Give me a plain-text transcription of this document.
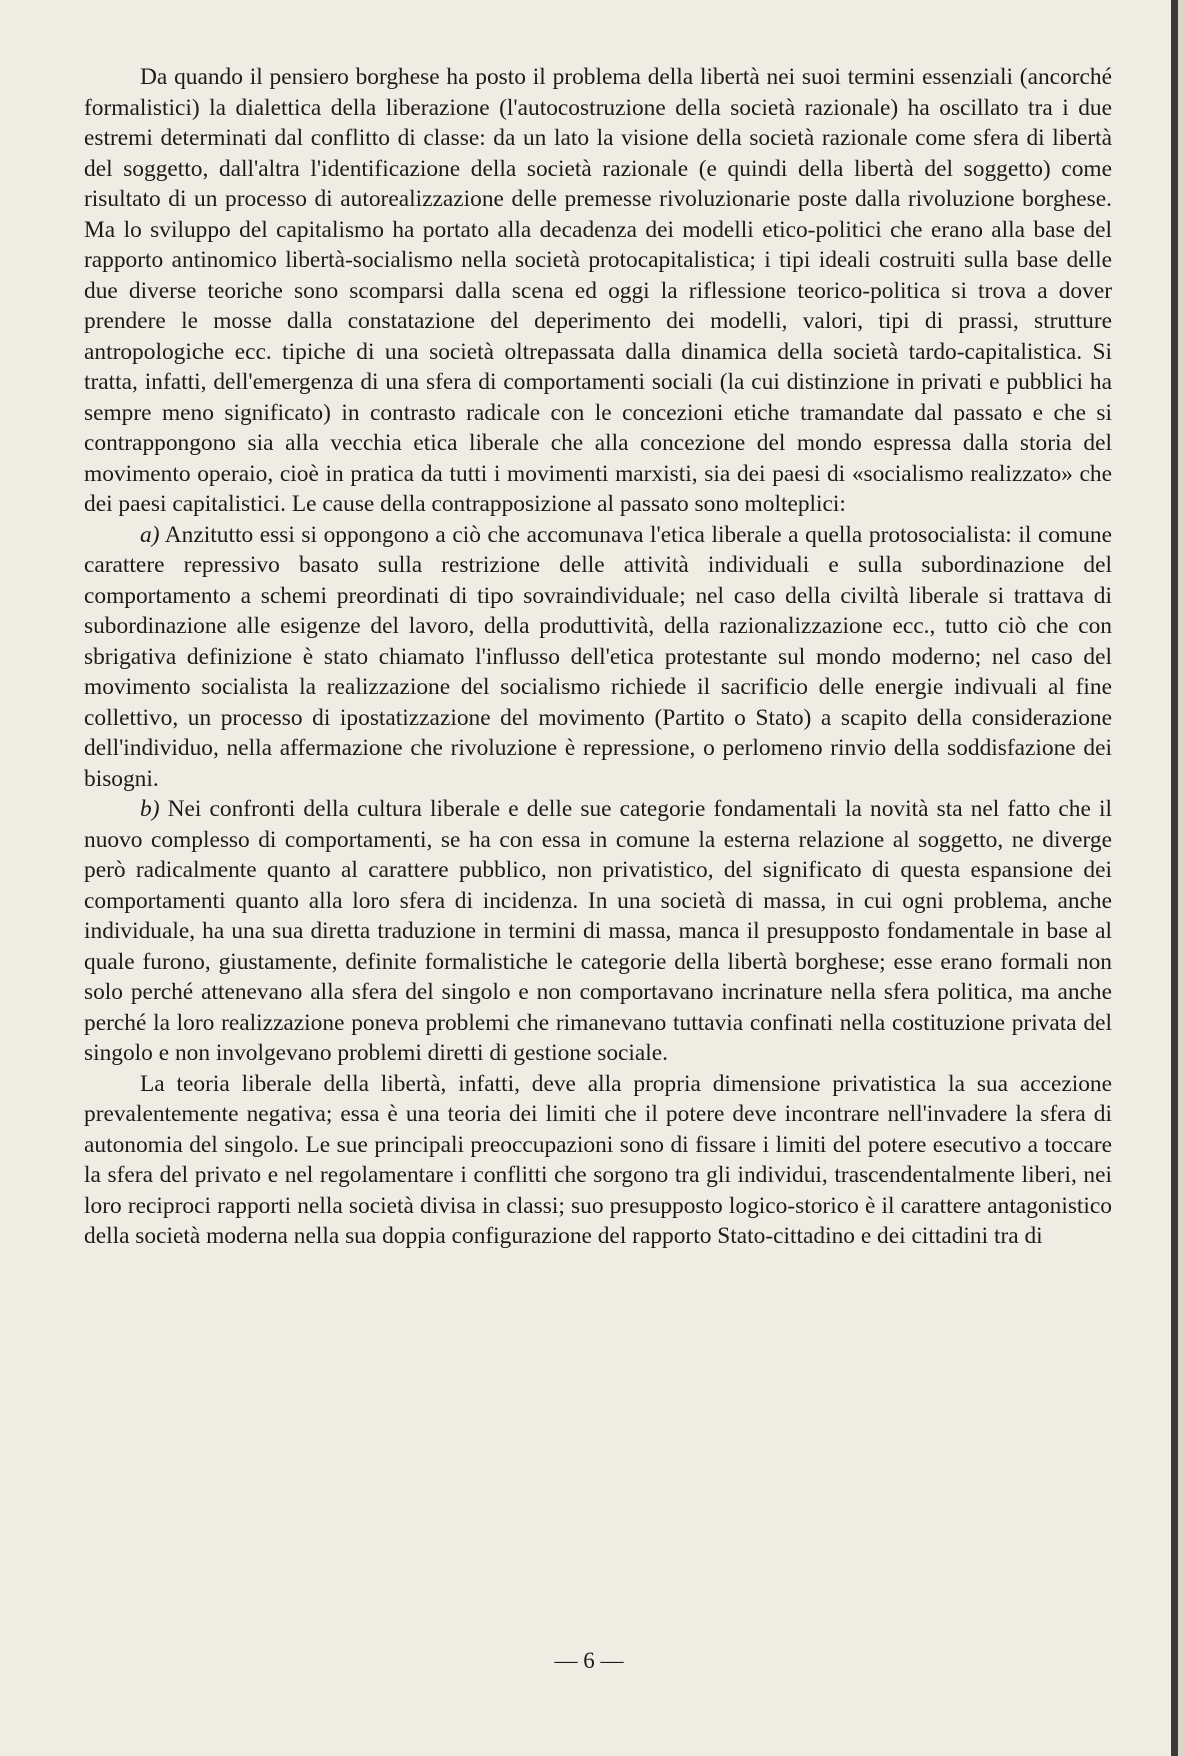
Da quando il pensiero borghese ha posto il problema della libertà nei suoi termini essenziali (ancorché formalistici) la dialettica della liberazione (l'autocostruzione della società razionale) ha oscillato tra i due estremi determinati dal conflitto di classe: da un lato la visione della società razionale come sfera di libertà del soggetto, dall'altra l'identificazione della società razionale (e quindi della libertà del soggetto) come risultato di un processo di autorealizzazione delle premesse rivoluzionarie poste dalla rivoluzione borghese. Ma lo sviluppo del capitalismo ha portato alla decadenza dei modelli etico-politici che erano alla base del rapporto antinomico libertà-socialismo nella società protocapitalistica; i tipi ideali costruiti sulla base delle due diverse teoriche sono scomparsi dalla scena ed oggi la riflessione teorico-politica si trova a dover prendere le mosse dalla constatazione del deperimento dei modelli, valori, tipi di prassi, strutture antropologiche ecc. tipiche di una società oltrepassata dalla dinamica della società tardo-capitalistica. Si tratta, infatti, dell'emergenza di una sfera di comportamenti sociali (la cui distinzione in privati e pubblici ha sempre meno significato) in contrasto radicale con le concezioni etiche tramandate dal passato e che si contrappongono sia alla vecchia etica liberale che alla concezione del mondo espressa dalla storia del movimento operaio, cioè in pratica da tutti i movimenti marxisti, sia dei paesi di «socialismo realizzato» che dei paesi capitalistici. Le cause della contrapposizione al passato sono molteplici:

a) Anzitutto essi si oppongono a ciò che accomunava l'etica liberale a quella protosocialista: il comune carattere repressivo basato sulla restrizione delle attività individuali e sulla subordinazione del comportamento a schemi preordinati di tipo sovraindividuale; nel caso della civiltà liberale si trattava di subordinazione alle esigenze del lavoro, della produttività, della razionalizzazione ecc., tutto ciò che con sbrigativa definizione è stato chiamato l'influsso dell'etica protestante sul mondo moderno; nel caso del movimento socialista la realizzazione del socialismo richiede il sacrificio delle energie indivuali al fine collettivo, un processo di ipostatizzazione del movimento (Partito o Stato) a scapito della considerazione dell'individuo, nella affermazione che rivoluzione è repressione, o perlomeno rinvio della soddisfazione dei bisogni.

b) Nei confronti della cultura liberale e delle sue categorie fondamentali la novità sta nel fatto che il nuovo complesso di comportamenti, se ha con essa in comune la esterna relazione al soggetto, ne diverge però radicalmente quanto al carattere pubblico, non privatistico, del significato di questa espansione dei comportamenti quanto alla loro sfera di incidenza. In una società di massa, in cui ogni problema, anche individuale, ha una sua diretta traduzione in termini di massa, manca il presupposto fondamentale in base al quale furono, giustamente, definite formalistiche le categorie della libertà borghese; esse erano formali non solo perché attenevano alla sfera del singolo e non comportavano incrinature nella sfera politica, ma anche perché la loro realizzazione poneva problemi che rimanevano tuttavia confinati nella costituzione privata del singolo e non involgevano problemi diretti di gestione sociale.

La teoria liberale della libertà, infatti, deve alla propria dimensione privatistica la sua accezione prevalentemente negativa; essa è una teoria dei limiti che il potere deve incontrare nell'invadere la sfera di autonomia del singolo. Le sue principali preoccupazioni sono di fissare i limiti del potere esecutivo a toccare la sfera del privato e nel regolamentare i conflitti che sorgono tra gli individui, trascendentalmente liberi, nei loro reciproci rapporti nella società divisa in classi; suo presupposto logico-storico è il carattere antagonistico della società moderna nella sua doppia configurazione del rapporto Stato-cittadino e dei cittadini tra di

— 6 —
